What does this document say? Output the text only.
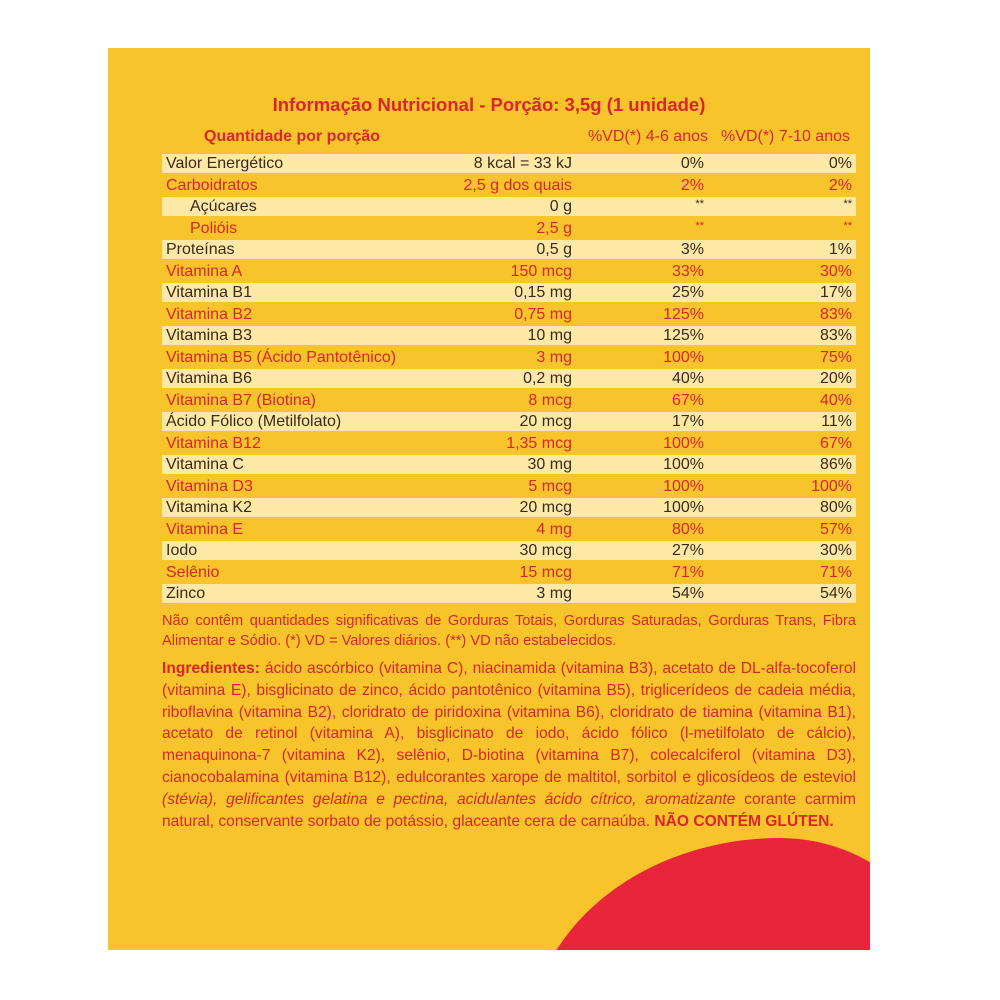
Informação Nutricional - Porção: 3,5g (1 unidade)
Quantidade por porção	%VD(*) 4-6 anos %VD(*) 7-10 anos
Valor Energético	8 kcal = 33 kJ	0%	0%
Carboidratos	2,5 g dos quais	2%	2%
Açúcares	0 g	**	**
Polióis	2,5 g	**	**
Proteínas	0,5 g	3%	1%
Vitamina A	150 mcg	33%	30%
Vitamina B1	0,15 mg	25%	17%
Vitamina B2	0,75 mg	125%	83%
Vitamina B3	10 mg	125%	83%
Vitamina B5 (Ácido Pantotênico)	3 mg	100%	75%
Vitamina B6	0,2 mg	40%	20%
Vitamina B7 (Biotina)	8 mcg	67%	40%
Ácido Fólico (Metilfolato)	20 mcg	17%	11%
Vitamina B12	1,35 mcg	100%	67%
Vitamina C	30 mg	100%	86%
Vitamina D3	5 mcg	100%	100%
Vitamina K2	20 mcg	100%	80%
Vitamina E	4 mg	80%	57%
Iodo	30 mcg	27%	30%
Selênio	15 mcg	71%	71%
Zinco	3 mg	54%	54%
Não contêm quantidades significativas de Gorduras Totais, Gorduras Saturadas, Gorduras Trans, Fibra Alimentar e Sódio. (*) VD = Valores diários. (**) VD não estabelecidos.
Ingredientes: ácido ascórbico (vitamina C), niacinamida (vitamina B3), acetato de DL-alfa-tocoferol (vitamina E), bisglicinato de zinco, ácido pantotênico (vitamina B5), triglicerídeos de cadeia média, riboflavina (vitamina B2), cloridrato de piridoxina (vitamina B6), cloridrato de tiamina (vitamina B1), acetato de retinol (vitamina A), bisglicinato de iodo, ácido fólico (l-metilfolato de cálcio), menaquinona-7 (vitamina K2), selênio, D-biotina (vitamina B7), colecalciferol (vitamina D3), cianocobalamina (vitamina B12), edulcorantes xarope de maltitol, sorbitol e glicosídeos de esteviol (stévia), gelificantes gelatina e pectina, acidulantes ácido cítrico, aromatizante corante carmim natural, conservante sorbato de potássio, glaceante cera de carnaúba. NÃO CONTÉM GLÚTEN.
